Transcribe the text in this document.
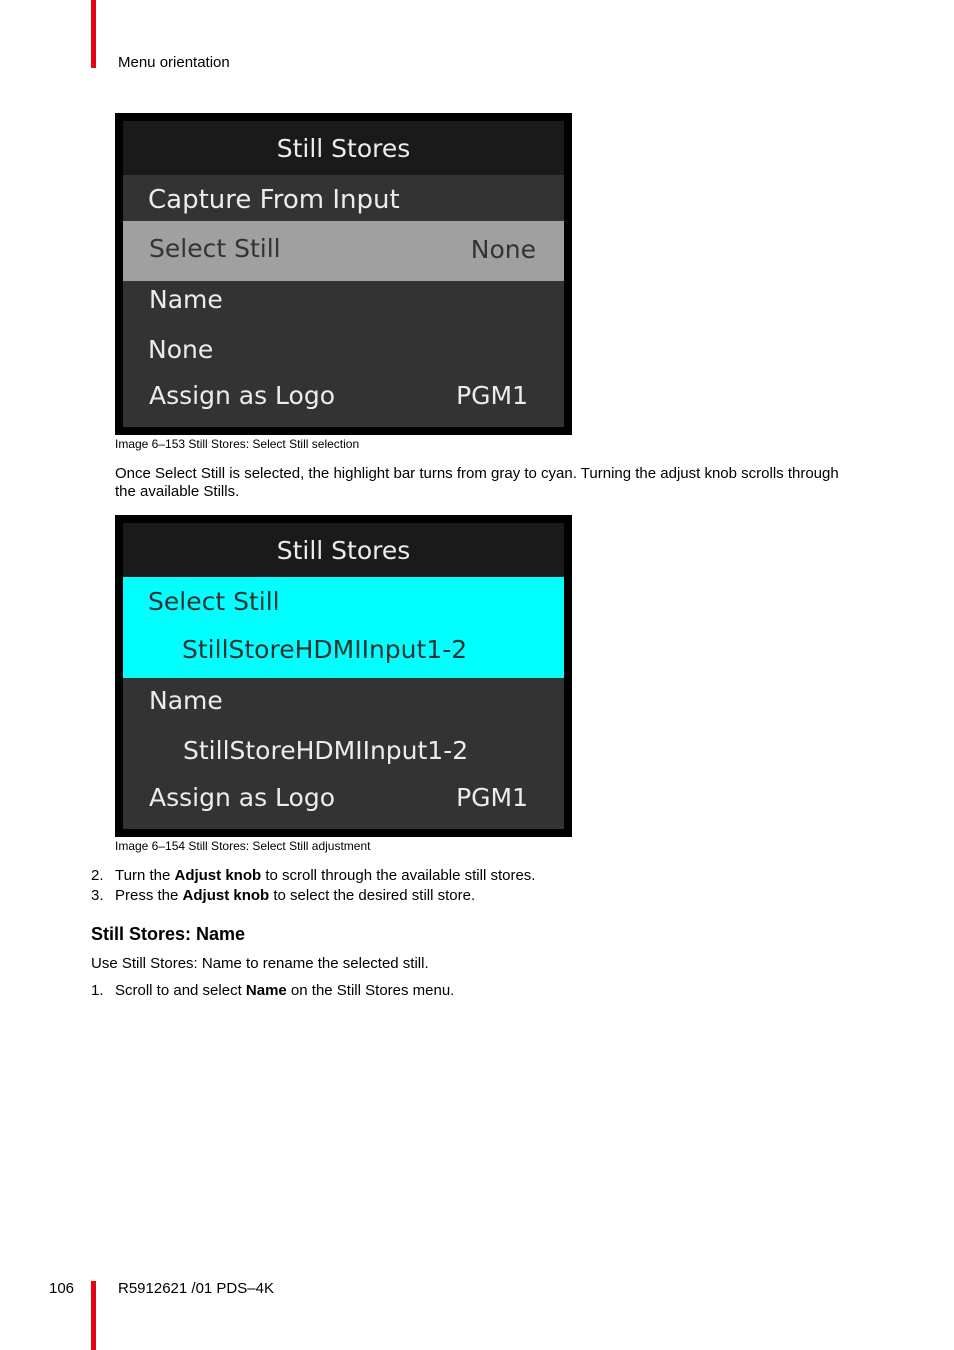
Menu orientation
Still Stores
Capture From Input
Select Still	None
Name
None
Assign as Logo	PGM1
Image 6–153 Still Stores: Select Still selection
Once Select Still is selected, the highlight bar turns from gray to cyan. Turning the adjust knob scrolls through the available Stills.
Still Stores
Select Still
StillStoreHDMIInput1-2
Name
StillStoreHDMIInput1-2
Assign as Logo	PGM1
Image 6–154 Still Stores: Select Still adjustment
2. Turn the Adjust knob to scroll through the available still stores.
3. Press the Adjust knob to select the desired still store.
Still Stores: Name
Use Still Stores: Name to rename the selected still.
1. Scroll to and select Name on the Still Stores menu.
106	R5912621 /01 PDS–4K
